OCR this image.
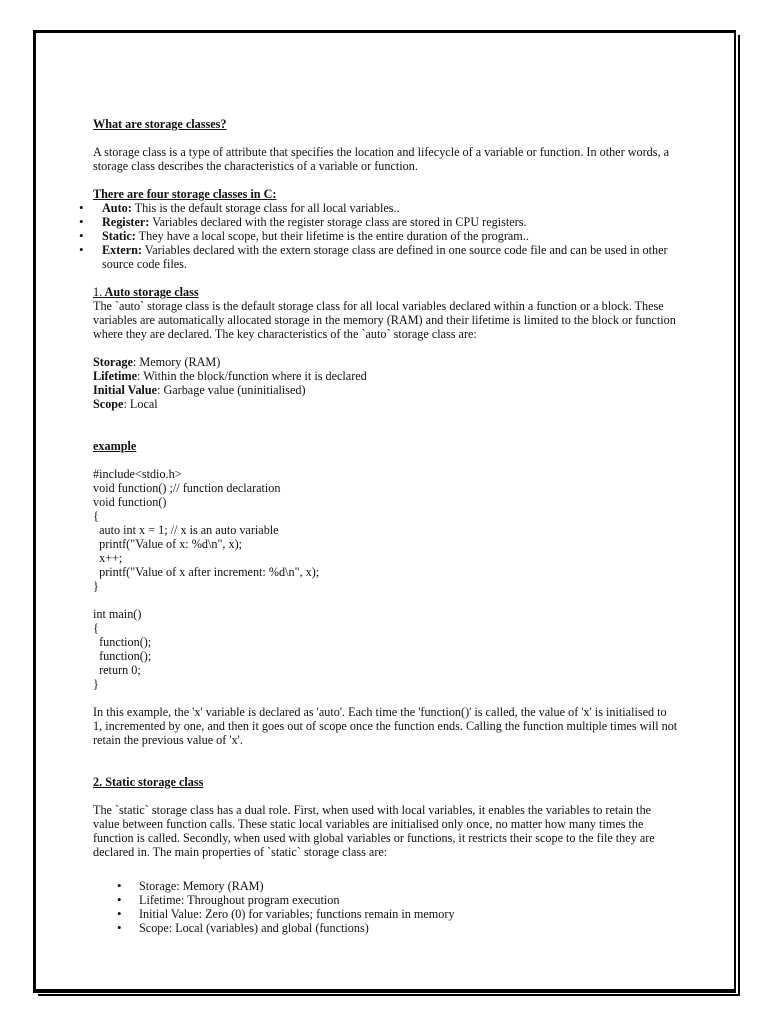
What are storage classes?

A storage class is a type of attribute that specifies the location and lifecycle of a variable or function. In other words, a storage class describes the characteristics of a variable or function.

There are four storage classes in C:

• Auto: This is the default storage class for all local variables..
• Register: Variables declared with the register storage class are stored in CPU registers.
• Static: They have a local scope, but their lifetime is the entire duration of the program..
• Extern: Variables declared with the extern storage class are defined in one source code file and can be used in other source code files.

1. Auto storage class

The `auto` storage class is the default storage class for all local variables declared within a function or a block. These variables are automatically allocated storage in the memory (RAM) and their lifetime is limited to the block or function where they are declared. The key characteristics of the `auto` storage class are:

Storage: Memory (RAM)
Lifetime: Within the block/function where it is declared
Initial Value: Garbage value (uninitialised)
Scope: Local

example

#include<stdio.h>
void function() ;// function declaration
void function()
{
auto int x = 1; // x is an auto variable
printf("Value of x: %d\n", x);
x++;
printf("Value of x after increment: %d\n", x);
}

int main()
{
function();
function();
return 0;
}

In this example, the 'x' variable is declared as 'auto'. Each time the 'function()' is called, the value of 'x' is initialised to 1, incremented by one, and then it goes out of scope once the function ends. Calling the function multiple times will not retain the previous value of 'x'.

2. Static storage class

The `static` storage class has a dual role. First, when used with local variables, it enables the variables to retain the value between function calls. These static local variables are initialised only once, no matter how many times the function is called. Secondly, when used with global variables or functions, it restricts their scope to the file they are declared in. The main properties of `static` storage class are:

• Storage: Memory (RAM)
• Lifetime: Throughout program execution
• Initial Value: Zero (0) for variables; functions remain in memory
• Scope: Local (variables) and global (functions)
